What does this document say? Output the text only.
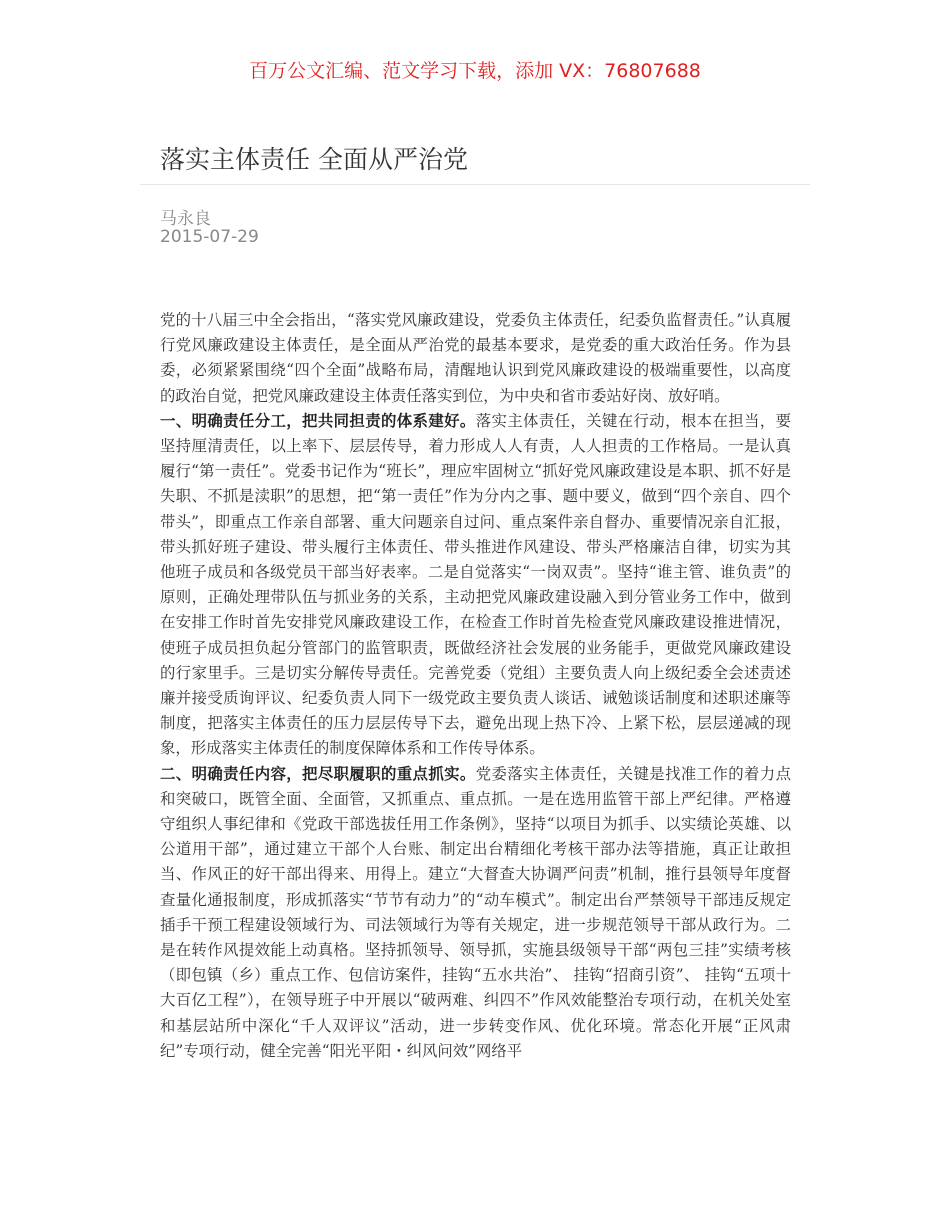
百万公文汇编、范文学习下载，添加 VX：76807688
落实主体责任 全面从严治党
马永良
2015-07-29

党的十八届三中全会指出，“落实党风廉政建设，党委负主体责任，纪委负监督责任。”认真履行党风廉政建设主体责任，是全面从严治党的最基本要求，是党委的重大政治任务。作为县委，必须紧紧围绕“四个全面”战略布局，清醒地认识到党风廉政建设的极端重要性，以高度的政治自觉，把党风廉政建设主体责任落实到位，为中央和省市委站好岗、放好哨。

一、明确责任分工，把共同担责的体系建好。落实主体责任，关键在行动，根本在担当，要坚持厘清责任，以上率下、层层传导，着力形成人人有责，人人担责的工作格局。一是认真履行“第一责任”。党委书记作为“班长”，理应牢固树立“抓好党风廉政建设是本职、抓不好是失职、不抓是渎职”的思想，把“第一责任”作为分内之事、题中要义，做到“四个亲自、四个带头”，即重点工作亲自部署、重大问题亲自过问、重点案件亲自督办、重要情况亲自汇报，带头抓好班子建设、带头履行主体责任、带头推进作风建设、带头严格廉洁自律，切实为其他班子成员和各级党员干部当好表率。二是自觉落实“一岗双责”。坚持“谁主管、谁负责”的原则，正确处理带队伍与抓业务的关系，主动把党风廉政建设融入到分管业务工作中，做到在安排工作时首先安排党风廉政建设工作，在检查工作时首先检查党风廉政建设推进情况，使班子成员担负起分管部门的监管职责，既做经济社会发展的业务能手，更做党风廉政建设的行家里手。三是切实分解传导责任。完善党委（党组）主要负责人向上级纪委全会述责述廉并接受质询评议、纪委负责人同下一级党政主要负责人谈话、诫勉谈话制度和述职述廉等制度，把落实主体责任的压力层层传导下去，避免出现上热下冷、上紧下松，层层递减的现象，形成落实主体责任的制度保障体系和工作传导体系。

二、明确责任内容，把尽职履职的重点抓实。党委落实主体责任，关键是找准工作的着力点和突破口，既管全面、全面管，又抓重点、重点抓。一是在选用监管干部上严纪律。严格遵守组织人事纪律和《党政干部选拔任用工作条例》，坚持“以项目为抓手、以实绩论英雄、以公道用干部”，通过建立干部个人台账、制定出台精细化考核干部办法等措施，真正让敢担当、作风正的好干部出得来、用得上。建立“大督查大协调严问责”机制，推行县领导年度督查量化通报制度，形成抓落实“节节有动力”的“动车模式”。制定出台严禁领导干部违反规定插手干预工程建设领域行为、司法领域行为等有关规定，进一步规范领导干部从政行为。二是在转作风提效能上动真格。坚持抓领导、领导抓，实施县级领导干部“两包三挂”实绩考核（即包镇（乡）重点工作、包信访案件，挂钩“五水共治”、 挂钩“招商引资”、 挂钩“五项十大百亿工程”），在领导班子中开展以“破两难、纠四不”作风效能整治专项行动，在机关处室和基层站所中深化“千人双评议”活动，进一步转变作风、优化环境。常态化开展“正风肃纪”专项行动，健全完善“阳光平阳・纠风问效”网络平
